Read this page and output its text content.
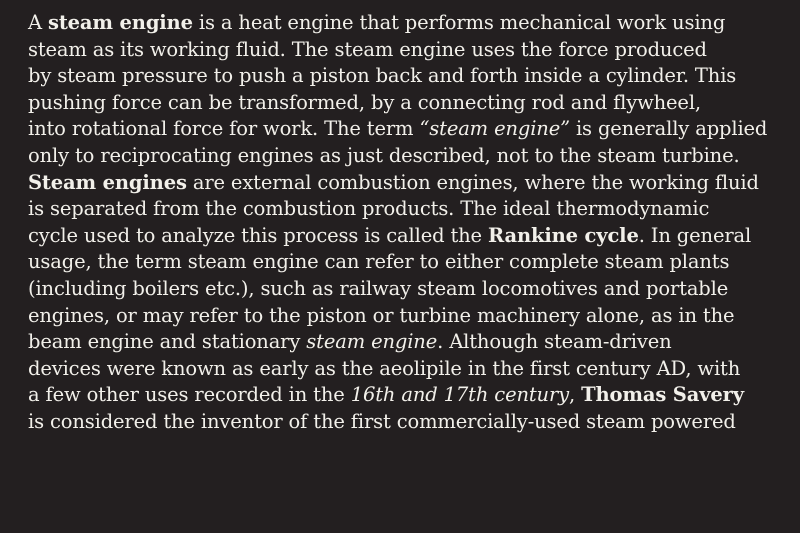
A steam engine is a heat engine that performs mechanical work using
steam as its working fluid. The steam engine uses the force produced
by steam pressure to push a piston back and forth inside a cylinder. This
pushing force can be transformed, by a connecting rod and flywheel,
into rotational force for work. The term “steam engine” is generally applied
only to reciprocating engines as just described, not to the steam turbine.
Steam engines are external combustion engines, where the working fluid
is separated from the combustion products. The ideal thermodynamic
cycle used to analyze this process is called the Rankine cycle. In general
usage, the term steam engine can refer to either complete steam plants
(including boilers etc.), such as railway steam locomotives and portable
engines, or may refer to the piston or turbine machinery alone, as in the
beam engine and stationary steam engine. Although steam-driven
devices were known as early as the aeolipile in the first century AD, with
a few other uses recorded in the 16th and 17th century, Thomas Savery
is considered the inventor of the first commercially-used steam powered
